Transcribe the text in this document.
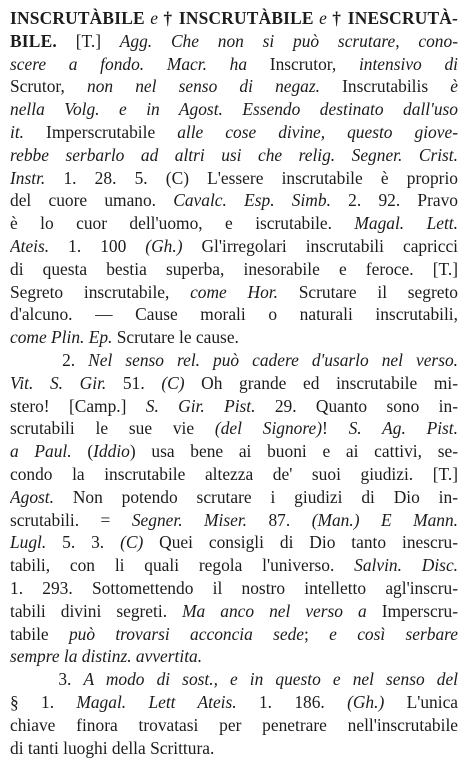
INSCRUTÀBILE e † INSCRUTÀBILE e † INESCRUTÀ-
BILE. [T.] Agg. Che non si può scrutare, cono-
scere a fondo. Macr. ha Inscrutor, intensivo di
Scrutor, non nel senso di negaz. Inscrutabilis è
nella Volg. e in Agost. Essendo destinato dall'uso
it. Imperscrutabile alle cose divine, questo giove-
rebbe serbarlo ad altri usi che relig. Segner. Crist.
Instr. 1. 28. 5. (C) L'essere inscrutabile è proprio
del cuore umano. Cavalc. Esp. Simb. 2. 92. Pravo
è lo cuor dell'uomo, e iscrutabile. Magal. Lett.
Ateis. 1. 100 (Gh.) Gl'irregolari inscrutabili capricci
di questa bestia superba, inesorabile e feroce. [T.]
Segreto inscrutabile, come Hor. Scrutare il segreto
d'alcuno. — Cause morali o naturali inscrutabili,
come Plin. Ep. Scrutare le cause.
2. Nel senso rel. può cadere d'usarlo nel verso.
Vit. S. Gir. 51. (C) Oh grande ed inscrutabile mi-
stero! [Camp.] S. Gir. Pist. 29. Quanto sono in-
scrutabili le sue vie (del Signore)! S. Ag. Pist.
a Paul. (Iddio) usa bene ai buoni e ai cattivi, se-
condo la inscrutabile altezza de' suoi giudizi. [T.]
Agost. Non potendo scrutare i giudizi di Dio in-
scrutabili. = Segner. Miser. 87. (Man.) E Mann.
Lugl. 5. 3. (C) Quei consigli di Dio tanto inescru-
tabili, con li quali regola l'universo. Salvin. Disc.
1. 293. Sottomettendo il nostro intelletto agl'inscru-
tabili divini segreti. Ma anco nel verso a Imperscru-
tabile può trovarsi acconcia sede; e così serbare
sempre la distinz. avvertita.
3. A modo di sost., e in questo e nel senso del
§ 1. Magal. Lett Ateis. 1. 186. (Gh.) L'unica
chiave finora trovatasi per penetrare nell'inscrutabile
di tanti luoghi della Scrittura.
